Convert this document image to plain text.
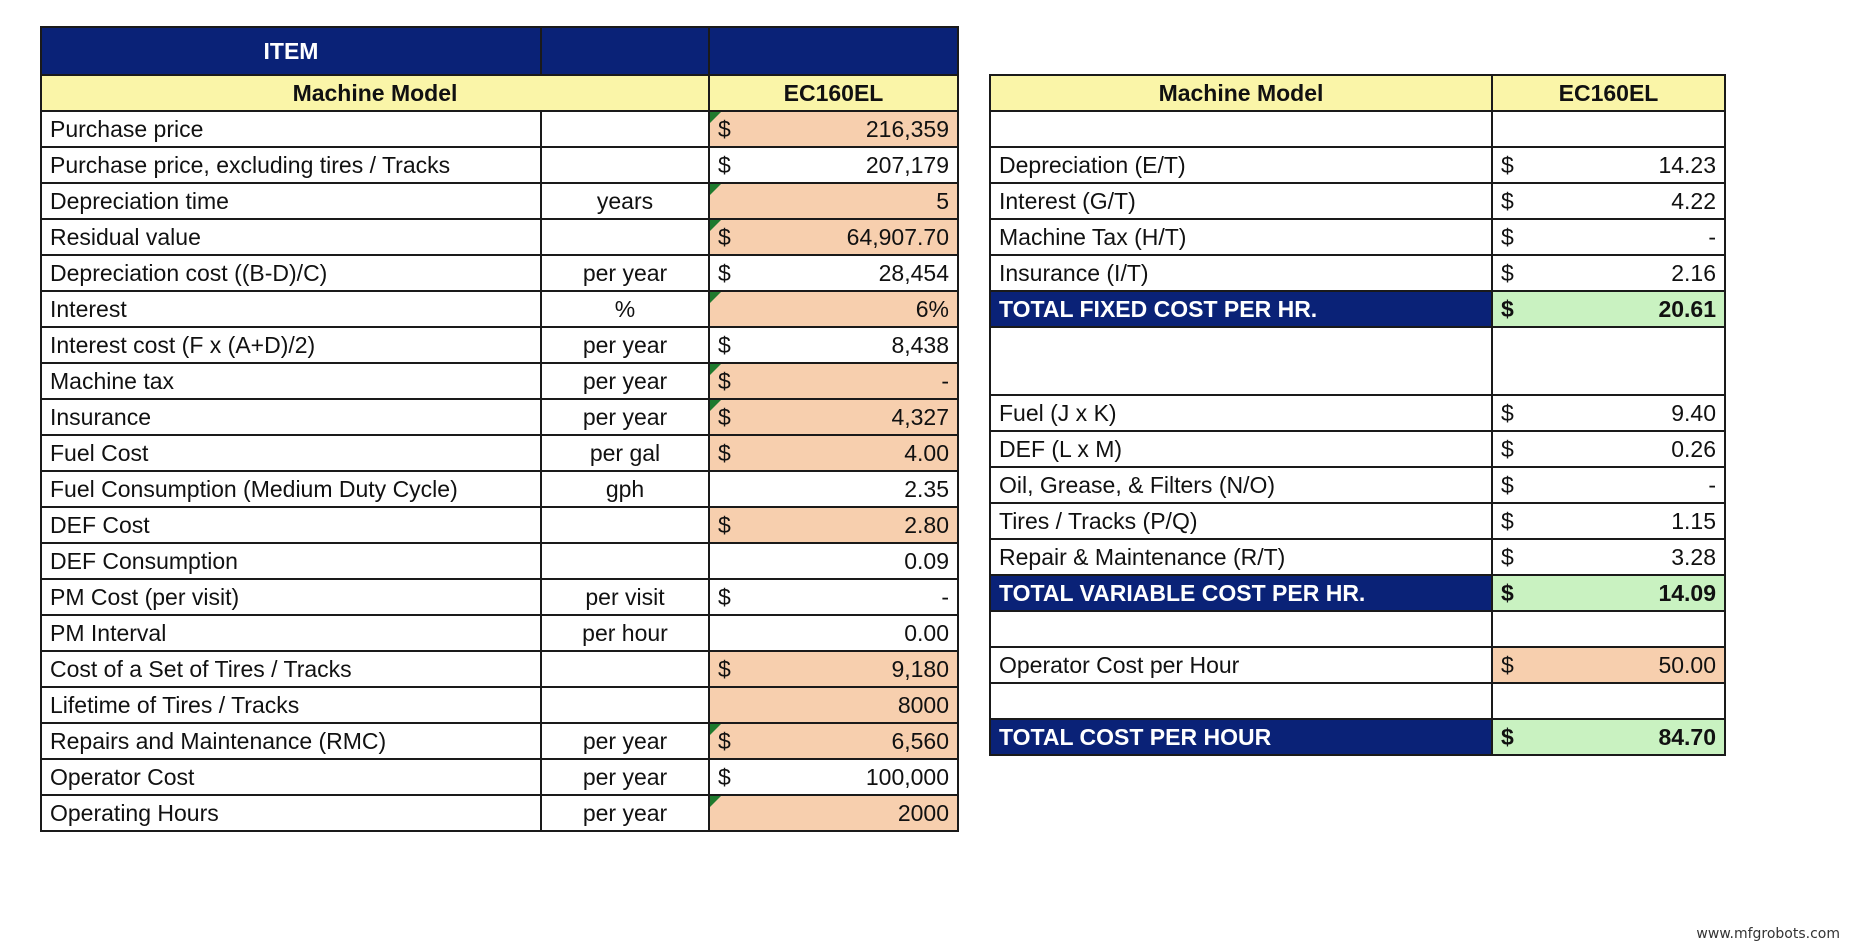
ITEM		
Machine Model		EC160EL
Purchase price		$ 216,359

Purchase price, excluding tires / Tracks		$ 207,179

Depreciation time	years	5

Residual value		$ 64,907.70

Depreciation cost ((B-D)/C)	per year	$ 28,454

Interest	%	6%

Interest cost (F x (A+D)/2)	per year	$ 8,438

Machine tax	per year	$ -

Insurance	per year	$ 4,327

Fuel Cost	per gal	$ 4.00

Fuel Consumption (Medium Duty Cycle)	gph	2.35

DEF Cost		$ 2.80

DEF Consumption		0.09

PM Cost (per visit)	per visit	$ -

PM Interval	per hour	0.00

Cost of a Set of Tires / Tracks		$ 9,180

Lifetime of Tires / Tracks		8000

Repairs and Maintenance (RMC)	per year	$ 6,560

Operator Cost	per year	$ 100,000

Operating Hours	per year	2000
Machine Model	EC160EL

Depreciation (E/T)	$ 14.23

Interest (G/T)	$ 4.22

Machine Tax (H/T)	$ -

Insurance (I/T)	$ 2.16

TOTAL FIXED COST PER HR.	$ 20.61

Fuel (J x K)	$ 9.40

DEF (L x M)	$ 0.26

Oil, Grease, & Filters (N/O)	$ -

Tires / Tracks (P/Q)	$ 1.15

Repair & Maintenance (R/T)	$ 3.28

TOTAL VARIABLE COST PER HR.	$ 14.09

Operator Cost per Hour	$ 50.00

TOTAL COST PER HOUR	$ 84.70
www.mfgrobots.com
